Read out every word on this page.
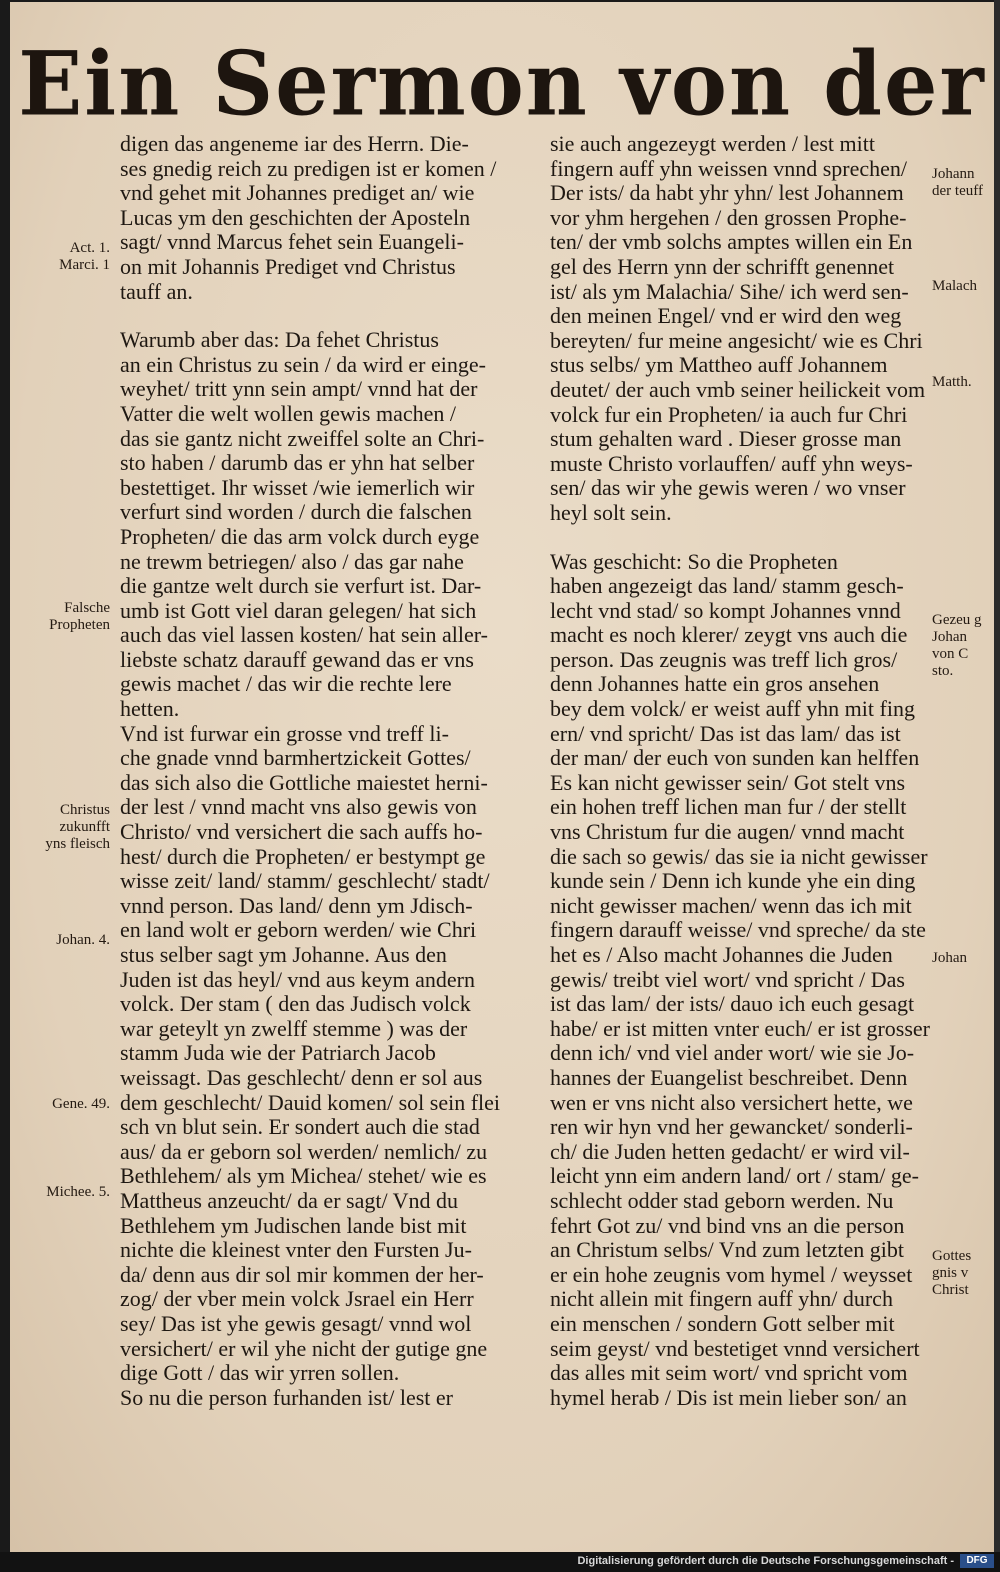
Ein Sermon von der
digen das angeneme iar des Herrn. Die-
ses gnedig reich zu predigen ist er komen /
vnd gehet mit Johannes prediget an/ wie
Lucas ym den geschichten der Aposteln
sagt/ vnnd Marcus fehet sein Euangeli-
on mit Johannis Prediget vnd Christus
tauff an.
Warumb aber das: Da fehet Christus
an ein Christus zu sein / da wird er einge-
weyhet/ tritt ynn sein ampt/ vnnd hat der
Vatter die welt wollen gewis machen /
das sie gantz nicht zweiffel solte an Chri-
sto haben / darumb das er yhn hat selber
bestettiget. Ihr wisset /wie iemerlich wir
verfurt sind worden / durch die falschen
Propheten/ die das arm volck durch eyge
ne trewm betriegen/ also / das gar nahe
die gantze welt durch sie verfurt ist. Dar-
umb ist Gott viel daran gelegen/ hat sich
auch das viel lassen kosten/ hat sein aller-
liebste schatz darauff gewand das er vns
gewis machet / das wir die rechte lere
hetten.
Vnd ist furwar ein grosse vnd treff li-
che gnade vnnd barmhertzickeit Gottes/
das sich also die Gottliche maiestet herni-
der lest / vnnd macht vns also gewis von
Christo/ vnd versichert die sach auffs ho-
hest/ durch die Propheten/ er bestympt ge
wisse zeit/ land/ stamm/ geschlecht/ stadt/
vnnd person. Das land/ denn ym Jdisch-
en land wolt er geborn werden/ wie Chri
stus selber sagt ym Johanne. Aus den
Juden ist das heyl/ vnd aus keym andern
volck. Der stam ( den das Judisch volck
war geteylt yn zwelff stemme ) was der
stamm Juda wie der Patriarch Jacob
weissagt. Das geschlecht/ denn er sol aus
dem geschlecht/ Dauid komen/ sol sein flei
sch vn blut sein. Er sondert auch die stad
aus/ da er geborn sol werden/ nemlich/ zu
Bethlehem/ als ym Michea/ stehet/ wie es
Mattheus anzeucht/ da er sagt/ Vnd du
Bethlehem ym Judischen lande bist mit
nichte die kleinest vnter den Fursten Ju-
da/ denn aus dir sol mir kommen der her-
zog/ der vber mein volck Jsrael ein Herr
sey/ Das ist yhe gewis gesagt/ vnnd wol
versichert/ er wil yhe nicht der gutige gne
dige Gott / das wir yrren sollen.
So nu die person furhanden ist/ lest er
sie auch angezeygt werden / lest mitt
fingern auff yhn weissen vnnd sprechen/
Der ists/ da habt yhr yhn/ lest Johannem
vor yhm hergehen / den grossen Prophe-
ten/ der vmb solchs amptes willen ein En
gel des Herrn ynn der schrifft genennet
ist/ als ym Malachia/ Sihe/ ich werd sen-
den meinen Engel/ vnd er wird den weg
bereyten/ fur meine angesicht/ wie es Chri
stus selbs/ ym Mattheo auff Johannem
deutet/ der auch vmb seiner heilickeit vom
volck fur ein Propheten/ ia auch fur Chri
stum gehalten ward . Dieser grosse man
muste Christo vorlauffen/ auff yhn weys-
sen/ das wir yhe gewis weren / wo vnser
heyl solt sein.
Was geschicht: So die Propheten
haben angezeigt das land/ stamm gesch-
lecht vnd stad/ so kompt Johannes vnnd
macht es noch klerer/ zeygt vns auch die
person. Das zeugnis was treff lich gros/
denn Johannes hatte ein gros ansehen
bey dem volck/ er weist auff yhn mit fing
ern/ vnd spricht/ Das ist das lam/ das ist
der man/ der euch von sunden kan helffen
Es kan nicht gewisser sein/ Got stelt vns
ein hohen treff lichen man fur / der stellt
vns Christum fur die augen/ vnnd macht
die sach so gewis/ das sie ia nicht gewisser
kunde sein / Denn ich kunde yhe ein ding
nicht gewisser machen/ wenn das ich mit
fingern darauff weisse/ vnd spreche/ da ste
het es / Also macht Johannes die Juden
gewis/ treibt viel wort/ vnd spricht / Das
ist das lam/ der ists/ dauo ich euch gesagt
habe/ er ist mitten vnter euch/ er ist grosser
denn ich/ vnd viel ander wort/ wie sie Jo-
hannes der Euangelist beschreibet. Denn
wen er vns nicht also versichert hette, we
ren wir hyn vnd her gewancket/ sonderli-
ch/ die Juden hetten gedacht/ er wird vil-
leicht ynn eim andern land/ ort / stam/ ge-
schlecht odder stad geborn werden. Nu
fehrt Got zu/ vnd bind vns an die person
an Christum selbs/ Vnd zum letzten gibt
er ein hohe zeugnis vom hymel / weysset
nicht allein mit fingern auff yhn/ durch
ein menschen / sondern Gott selber mit
seim geyst/ vnd bestetiget vnnd versichert
das alles mit seim wort/ vnd spricht vom
hymel herab / Dis ist mein lieber son/ an
Act. 1.
Marci. 1
Falsche
Propheten
Christus
zukunfft
yns fleisch
Johan. 4.
Gene. 49.
Michee. 5.
Johann
der teuff
Malach
Matth.
Gezeu g
Johan
von C
sto.
Johan
Gottes
gnis v
Christ
Digitalisierung gefördert durch die Deutsche Forschungsgemeinschaft -	DFG
